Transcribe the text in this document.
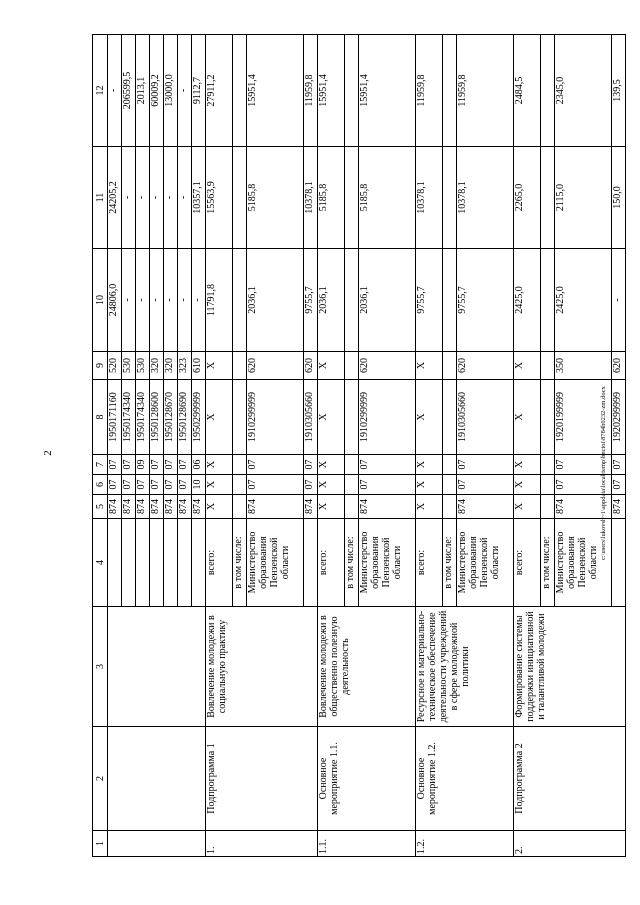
2
1	2	3	4	5	6	7	8	9	10	11	12
				874	07	07	1950171160	520	24806,0	24205,2	-
				874	07	07	1950174340	530	-	-	206599,5
				874	07	09	1950174340	530	-	-	2013,1
				874	07	07	1950128600	320	-	-	60009,2
				874	07	07	1950128670	320	-	-	13000,0
				874	07	07	1950128690	323	-	-	-
				874	10	06	1950299999	610	-	10357,1	9112,7
1.	Подпрограмма 1	Вовлечение молодежи в социальную практику	всего:	Х	Х	Х	Х	Х	11791,8	15563,9	27911,2
			в том числе:								
			Министерство образования Пензенской области	874	07	07	1910299999	620	2036,1	5185,8	15951,4
				874	07	07	1910305660	620	9755,7	10378,1	11959,8
1.1.	Основное мероприятие 1.1.	Вовлечение молодежи в общественно полезную деятельность	всего:	Х	Х	Х	Х	Х	2036,1	5185,8	15951,4
			в том числе:								
			Министерство образования Пензенской области	874	07	07	1910299999	620	2036,1	5185,8	15951,4
1.2.	Основное мероприятие 1.2.	Ресурсное и материально-техническое обеспечение деятельности учреждений в сфере молодежной политики	всего:	Х	Х	Х	Х	Х	9755,7	10378,1	11959,8
			в том числе:								
			Министерство образования Пензенской области	874	07	07	1910305660	620	9755,7	10378,1	11959,8
2.	Подпрограмма 2	Формирование системы поддержки инициативной и талантливой молодежи	всего:	Х	Х	Х	Х	Х	2425,0	2265,0	2484,5
			в том числе:								
			Министерство образования Пензенской области	874	07	07	1920199999	350	2425,0	2115,0	2345,0
				874	07	07	1920299999	620	-	150,0	139,5
c:\users\lukovsh~1\appdata\local\temp\bnctoi\8784h0232-zm.docx
